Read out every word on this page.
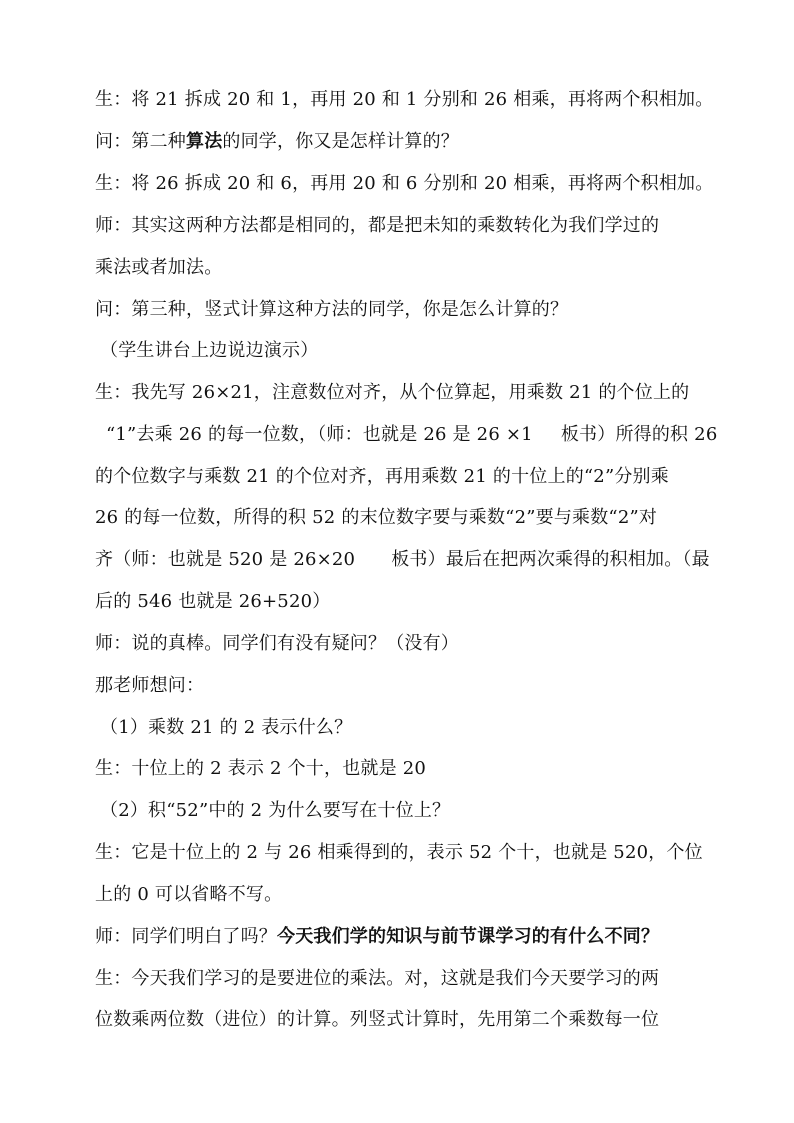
生：将 21 拆成 20 和 1，再用 20 和 1 分别和 26 相乘，再将两个积相加。
问：第二种算法的同学，你又是怎样计算的？
生：将 26 拆成 20 和 6，再用 20 和 6 分别和 20 相乘，再将两个积相加。
师：其实这两种方法都是相同的，都是把未知的乘数转化为我们学过的
乘法或者加法。
问：第三种，竖式计算这种方法的同学，你是怎么计算的？
（学生讲台上边说边演示）
生：我先写 26×21，注意数位对齐，从个位算起，用乘数 21 的个位上的
“1”去乘 26 的每一位数，（师：也就是 26 是 26 ×1 板书）所得的积 26
的个位数字与乘数 21 的个位对齐，再用乘数 21 的十位上的“2”分别乘
26 的每一位数，所得的积 52 的末位数字要与乘数“2”要与乘数“2”对
齐（师：也就是 520 是 26×20 板书）最后在把两次乘得的积相加。（最
后的 546 也就是 26+520）
师：说的真棒。同学们有没有疑问？（没有）
那老师想问：
（1）乘数 21 的 2 表示什么？
生：十位上的 2 表示 2 个十，也就是 20
（2）积“52”中的 2 为什么要写在十位上？
生：它是十位上的 2 与 26 相乘得到的，表示 52 个十，也就是 520，个位
上的 0 可以省略不写。
师：同学们明白了吗？今天我们学的知识与前节课学习的有什么不同？
生：今天我们学习的是要进位的乘法。对，这就是我们今天要学习的两
位数乘两位数（进位）的计算。列竖式计算时，先用第二个乘数每一位
